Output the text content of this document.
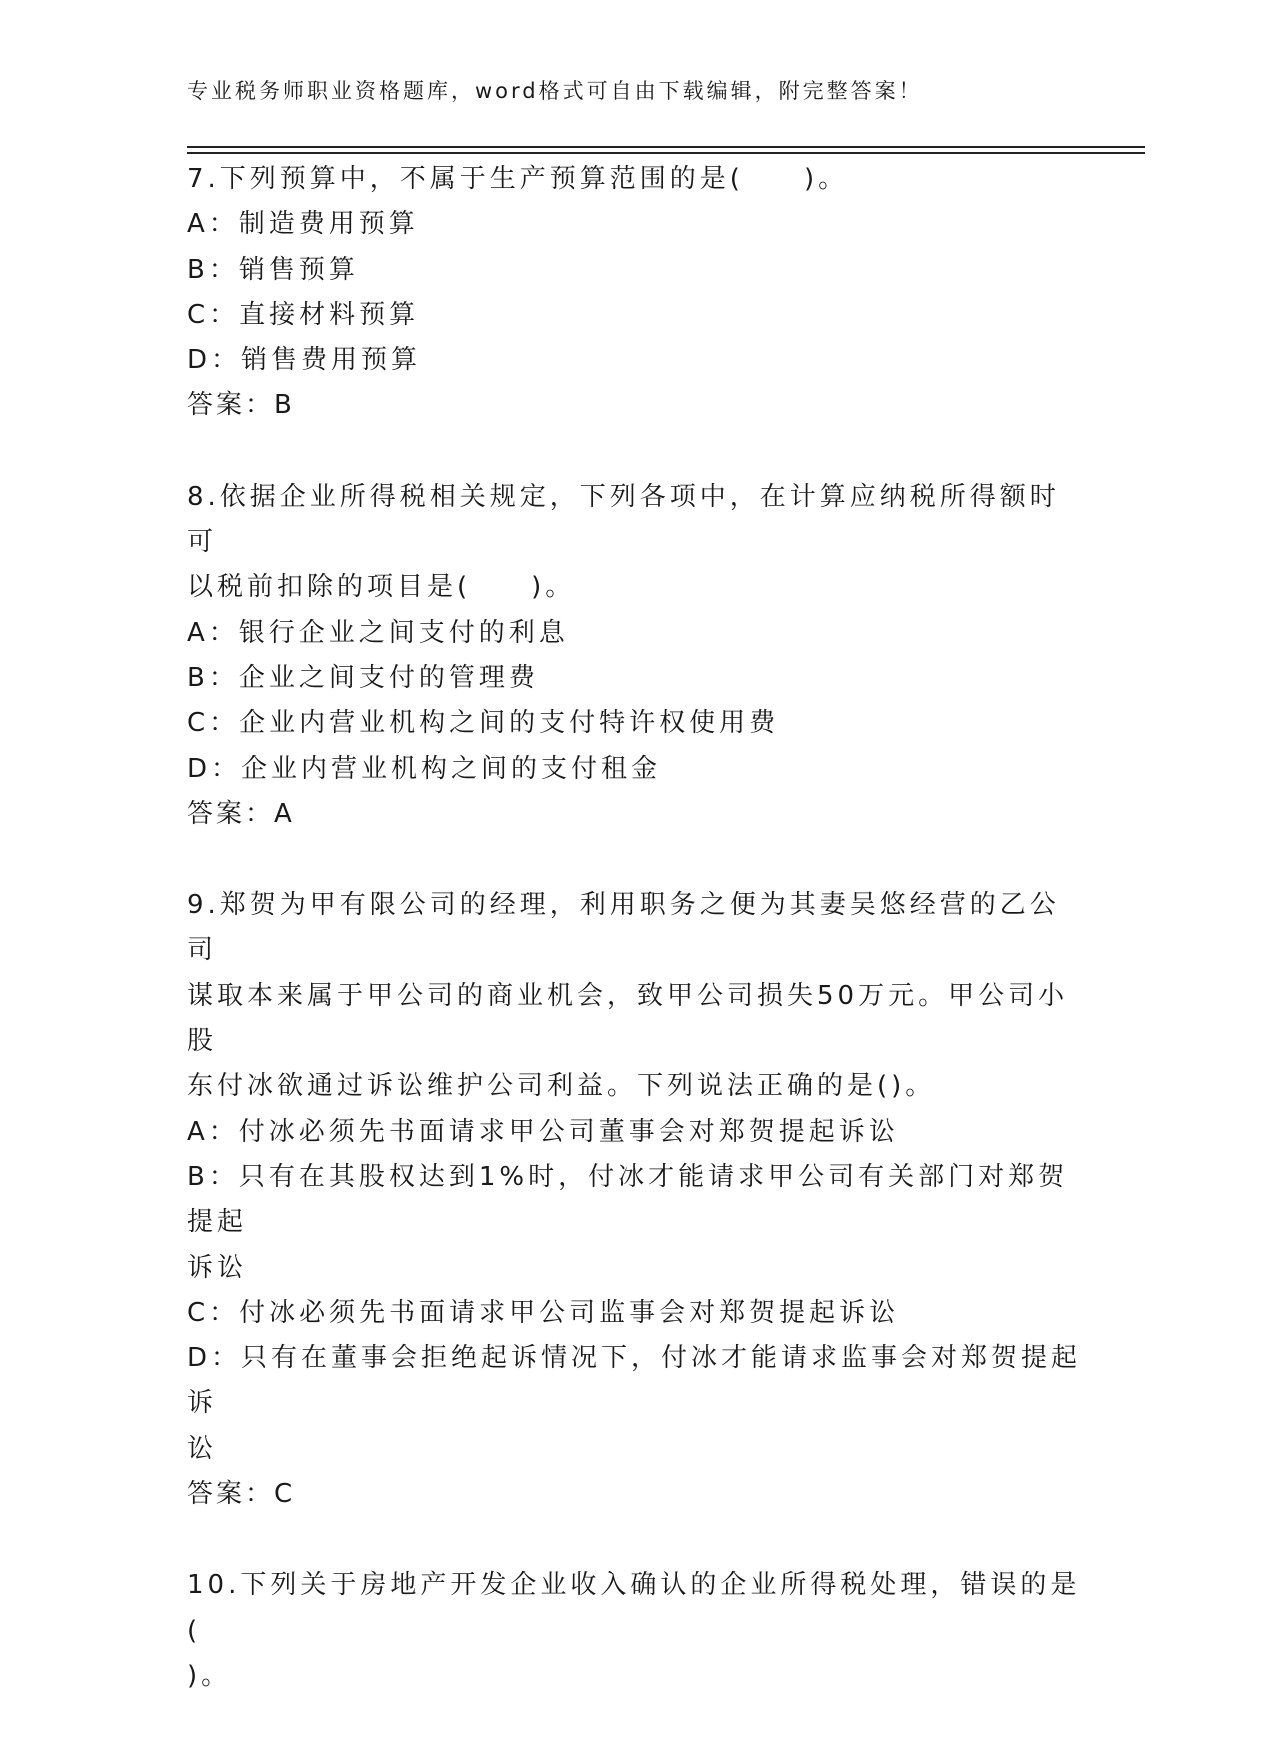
专业税务师职业资格题库，word格式可自由下载编辑，附完整答案！
7.下列预算中，不属于生产预算范围的是(　　)。
A：制造费用预算
B：销售预算
C：直接材料预算
D：销售费用预算
答案：B
8.依据企业所得税相关规定，下列各项中，在计算应纳税所得额时可
以税前扣除的项目是(　　)。
A：银行企业之间支付的利息
B：企业之间支付的管理费
C：企业内营业机构之间的支付特许权使用费
D：企业内营业机构之间的支付租金
答案：A
9.郑贺为甲有限公司的经理，利用职务之便为其妻吴悠经营的乙公司
谋取本来属于甲公司的商业机会，致甲公司损失50万元。甲公司小股
东付冰欲通过诉讼维护公司利益。下列说法正确的是()。
A：付冰必须先书面请求甲公司董事会对郑贺提起诉讼
B：只有在其股权达到1%时，付冰才能请求甲公司有关部门对郑贺提起
诉讼
C：付冰必须先书面请求甲公司监事会对郑贺提起诉讼
D：只有在董事会拒绝起诉情况下，付冰才能请求监事会对郑贺提起诉
讼
答案：C
10.下列关于房地产开发企业收入确认的企业所得税处理，错误的是(
)。
